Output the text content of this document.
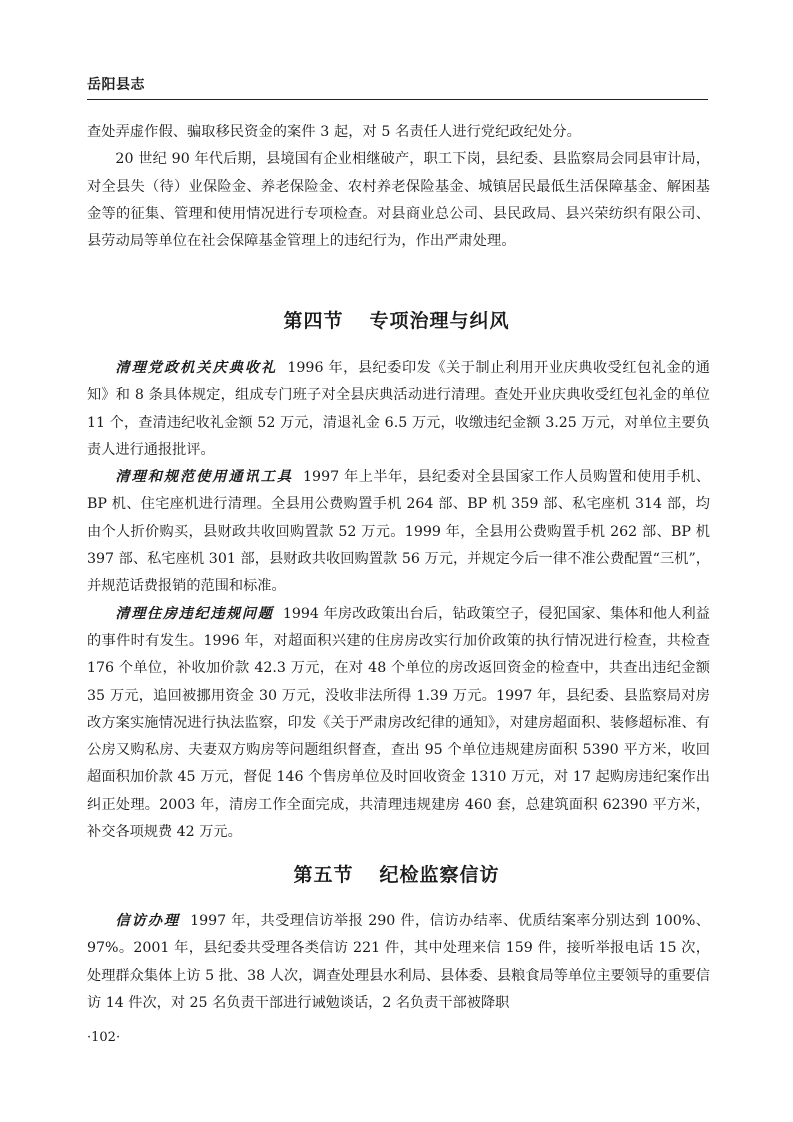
岳阳县志

查处弄虚作假、骗取移民资金的案件 3 起，对 5 名责任人进行党纪政纪处分。

20 世纪 90 年代后期，县境国有企业相继破产，职工下岗，县纪委、县监察局会同县审计局，对全县失（待）业保险金、养老保险金、农村养老保险基金、城镇居民最低生活保障基金、解困基金等的征集、管理和使用情况进行专项检查。对县商业总公司、县民政局、县兴荣纺织有限公司、县劳动局等单位在社会保障基金管理上的违纪行为，作出严肃处理。

第四节 专项治理与纠风

清理党政机关庆典收礼 1996 年，县纪委印发《关于制止利用开业庆典收受红包礼金的通知》和 8 条具体规定，组成专门班子对全县庆典活动进行清理。查处开业庆典收受红包礼金的单位 11 个，查清违纪收礼金额 52 万元，清退礼金 6.5 万元，收缴违纪金额 3.25 万元，对单位主要负责人进行通报批评。

清理和规范使用通讯工具 1997 年上半年，县纪委对全县国家工作人员购置和使用手机、BP 机、住宅座机进行清理。全县用公费购置手机 264 部、BP 机 359 部、私宅座机 314 部，均由个人折价购买，县财政共收回购置款 52 万元。1999 年，全县用公费购置手机 262 部、BP 机 397 部、私宅座机 301 部，县财政共收回购置款 56 万元，并规定今后一律不准公费配置“三机”，并规范话费报销的范围和标准。

清理住房违纪违规问题 1994 年房改政策出台后，钻政策空子，侵犯国家、集体和他人利益的事件时有发生。1996 年，对超面积兴建的住房房改实行加价政策的执行情况进行检查，共检查 176 个单位，补收加价款 42.3 万元，在对 48 个单位的房改返回资金的检查中，共查出违纪金额 35 万元，追回被挪用资金 30 万元，没收非法所得 1.39 万元。1997 年，县纪委、县监察局对房改方案实施情况进行执法监察，印发《关于严肃房改纪律的通知》，对建房超面积、装修超标准、有公房又购私房、夫妻双方购房等问题组织督查，查出 95 个单位违规建房面积 5390 平方米，收回超面积加价款 45 万元，督促 146 个售房单位及时回收资金 1310 万元，对 17 起购房违纪案作出纠正处理。2003 年，清房工作全面完成，共清理违规建房 460 套，总建筑面积 62390 平方米，补交各项规费 42 万元。

第五节 纪检监察信访

信访办理 1997 年，共受理信访举报 290 件，信访办结率、优质结案率分别达到 100%、97%。2001 年，县纪委共受理各类信访 221 件，其中处理来信 159 件，接听举报电话 15 次，处理群众集体上访 5 批、38 人次，调查处理县水利局、县体委、县粮食局等单位主要领导的重要信访 14 件次，对 25 名负责干部进行诫勉谈话，2 名负责干部被降职

·102·
